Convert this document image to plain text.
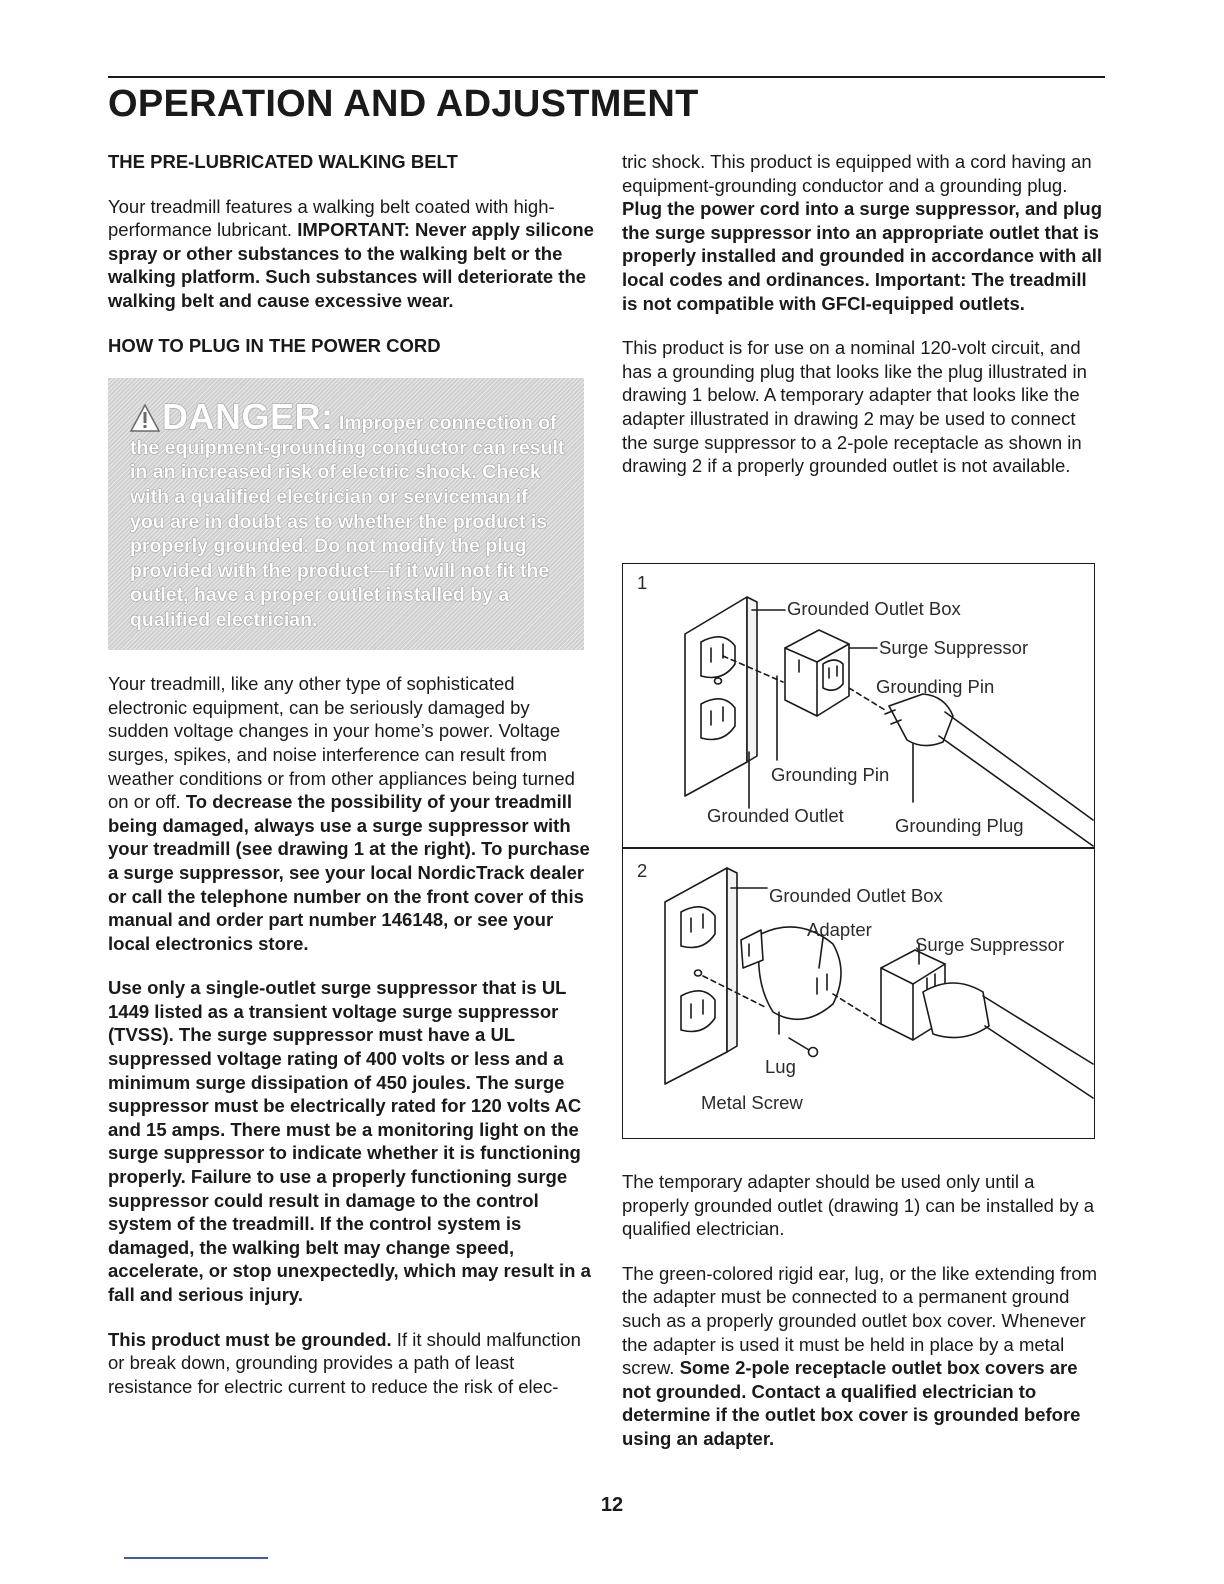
OPERATION AND ADJUSTMENT
THE PRE-LUBRICATED WALKING BELT

Your treadmill features a walking belt coated with high-performance lubricant. IMPORTANT: Never apply silicone spray or other substances to the walking belt or the walking platform. Such substances will deteriorate the walking belt and cause excessive wear.

HOW TO PLUG IN THE POWER CORD
DANGER: Improper connection of the equipment-grounding conductor can result in an increased risk of electric shock. Check with a qualified electrician or serviceman if you are in doubt as to whether the product is properly grounded. Do not modify the plug provided with the product—if it will not fit the outlet, have a proper outlet installed by a qualified electrician.

Your treadmill, like any other type of sophisticated electronic equipment, can be seriously damaged by sudden voltage changes in your home’s power. Voltage surges, spikes, and noise interference can result from weather conditions or from other appliances being turned on or off. To decrease the possibility of your treadmill being damaged, always use a surge suppressor with your treadmill (see drawing 1 at the right). To purchase a surge suppressor, see your local NordicTrack dealer or call the telephone number on the front cover of this manual and order part number 146148, or see your local electronics store.

Use only a single-outlet surge suppressor that is UL 1449 listed as a transient voltage surge suppressor (TVSS). The surge suppressor must have a UL suppressed voltage rating of 400 volts or less and a minimum surge dissipation of 450 joules. The surge suppressor must be electrically rated for 120 volts AC and 15 amps. There must be a monitoring light on the surge suppressor to indicate whether it is functioning properly. Failure to use a properly functioning surge suppressor could result in damage to the control system of the treadmill. If the control system is damaged, the walking belt may change speed, accelerate, or stop unexpectedly, which may result in a fall and serious injury.

This product must be grounded. If it should malfunction or break down, grounding provides a path of least resistance for electric current to reduce the risk of elec-

tric shock. This product is equipped with a cord having an equipment-grounding conductor and a grounding plug. Plug the power cord into a surge suppressor, and plug the surge suppressor into an appropriate outlet that is properly installed and grounded in accordance with all local codes and ordinances. Important: The treadmill is not compatible with GFCI-equipped outlets.

This product is for use on a nominal 120-volt circuit, and has a grounding plug that looks like the plug illustrated in drawing 1 below. A temporary adapter that looks like the adapter illustrated in drawing 2 may be used to connect the surge suppressor to a 2-pole receptacle as shown in drawing 2 if a properly grounded outlet is not available.

1
Grounded Outlet Box
Surge Suppressor
Grounding Pin
Grounding Pin
Grounded Outlet	Grounding Plug
2
Grounded Outlet Box
Adapter
Surge Suppressor
Lug
Metal Screw

The temporary adapter should be used only until a properly grounded outlet (drawing 1) can be installed by a qualified electrician.

The green-colored rigid ear, lug, or the like extending from the adapter must be connected to a permanent ground such as a properly grounded outlet box cover. Whenever the adapter is used it must be held in place by a metal screw. Some 2-pole receptacle outlet box covers are not grounded. Contact a qualified electrician to determine if the outlet box cover is grounded before using an adapter.

12
